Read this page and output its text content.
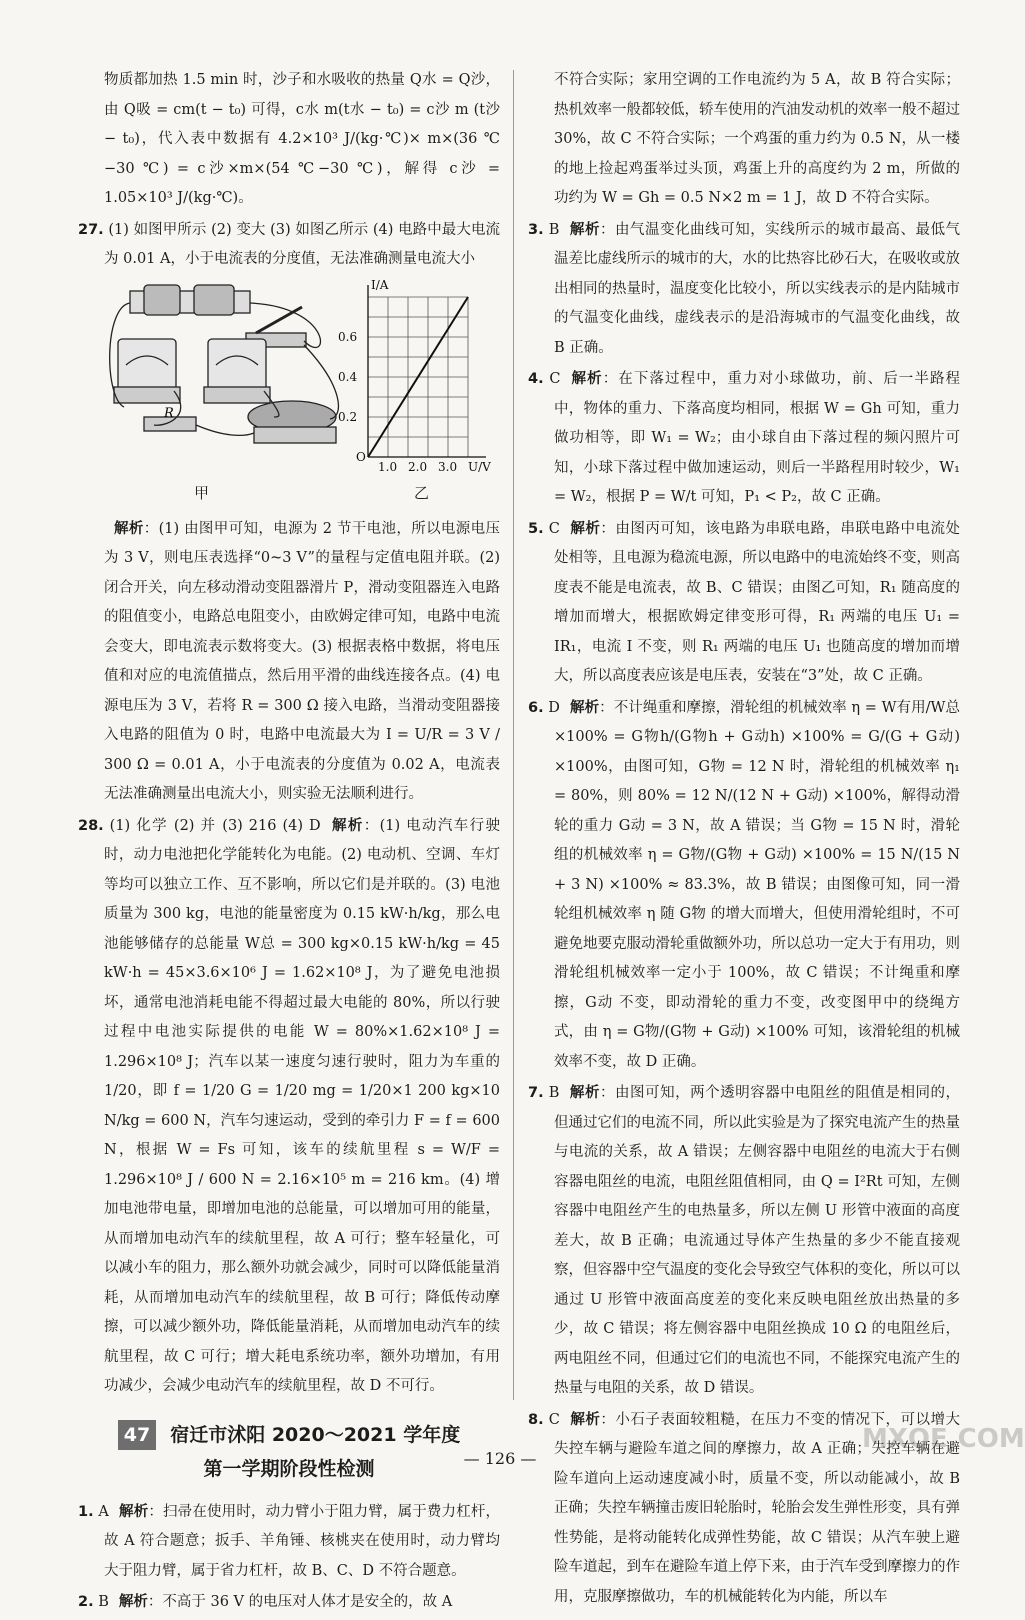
物质都加热 1.5 min 时，沙子和水吸收的热量 Q水 = Q沙，由 Q吸 = cm(t − t₀) 可得，c水 m(t水 − t₀) = c沙 m (t沙 − t₀)，代入表中数据有 4.2×10³ J/(kg·℃)× m×(36 ℃−30 ℃) = c沙×m×(54 ℃−30 ℃)，解得 c沙 = 1.05×10³ J/(kg·℃)。

27. (1) 如图甲所示 (2) 变大 (3) 如图乙所示 (4) 电路中最大电流为 0.01 A，小于电流表的分度值，无法准确测量电流大小

R
甲
I/A
0.6
0.4
0.2
O
1.0 2.0 3.0 U/V
乙

解析：(1) 由图甲可知，电源为 2 节干电池，所以电源电压为 3 V，则电压表选择“0~3 V”的量程与定值电阻并联。(2) 闭合开关，向左移动滑动变阻器滑片 P，滑动变阻器连入电路的阻值变小，电路总电阻变小，由欧姆定律可知，电路中电流会变大，即电流表示数将变大。(3) 根据表格中数据，将电压值和对应的电流值描点，然后用平滑的曲线连接各点。(4) 电源电压为 3 V，若将 R = 300 Ω 接入电路，当滑动变阻器接入电路的阻值为 0 时，电路中电流最大为 I = U/R = 3 V / 300 Ω = 0.01 A，小于电流表的分度值为 0.02 A，电流表无法准确测量出电流大小，则实验无法顺利进行。

28. (1) 化学 (2) 并 (3) 216 (4) D 解析：(1) 电动汽车行驶时，动力电池把化学能转化为电能。(2) 电动机、空调、车灯等均可以独立工作、互不影响，所以它们是并联的。(3) 电池质量为 300 kg，电池的能量密度为 0.15 kW·h/kg，那么电池能够储存的总能量 W总 = 300 kg×0.15 kW·h/kg = 45 kW·h = 45×3.6×10⁶ J = 1.62×10⁸ J，为了避免电池损坏，通常电池消耗电能不得超过最大电能的 80%，所以行驶过程中电池实际提供的电能 W = 80%×1.62×10⁸ J = 1.296×10⁸ J；汽车以某一速度匀速行驶时，阻力为车重的 1/20，即 f = 1/20 G = 1/20 mg = 1/20×1 200 kg×10 N/kg = 600 N，汽车匀速运动，受到的牵引力 F = f = 600 N，根据 W = Fs 可知，该车的续航里程 s = W/F = 1.296×10⁸ J / 600 N = 2.16×10⁵ m = 216 km。(4) 增加电池带电量，即增加电池的总能量，可以增加可用的能量，从而增加电动汽车的续航里程，故 A 可行；整车轻量化，可以减小车的阻力，那么额外功就会减少，同时可以降低能量消耗，从而增加电动汽车的续航里程，故 B 可行；降低传动摩擦，可以减少额外功，降低能量消耗，从而增加电动汽车的续航里程，故 C 可行；增大耗电系统功率，额外功增加，有用功减少，会减少电动汽车的续航里程，故 D 不可行。

47	宿迁市沭阳 2020～2021 学年度
第一学期阶段性检测

1. A 解析：扫帚在使用时，动力臂小于阻力臂，属于费力杠杆，故 A 符合题意；扳手、羊角锤、核桃夹在使用时，动力臂均大于阻力臂，属于省力杠杆，故 B、C、D 不符合题意。

2. B 解析：不高于 36 V 的电压对人体才是安全的，故 A

不符合实际；家用空调的工作电流约为 5 A，故 B 符合实际；热机效率一般都较低，轿车使用的汽油发动机的效率一般不超过 30%，故 C 不符合实际；一个鸡蛋的重力约为 0.5 N，从一楼的地上捡起鸡蛋举过头顶，鸡蛋上升的高度约为 2 m，所做的功约为 W = Gh = 0.5 N×2 m = 1 J，故 D 不符合实际。

3. B 解析：由气温变化曲线可知，实线所示的城市最高、最低气温差比虚线所示的城市的大，水的比热容比砂石大，在吸收或放出相同的热量时，温度变化比较小，所以实线表示的是内陆城市的气温变化曲线，虚线表示的是沿海城市的气温变化曲线，故 B 正确。

4. C 解析：在下落过程中，重力对小球做功，前、后一半路程中，物体的重力、下落高度均相同，根据 W = Gh 可知，重力做功相等，即 W₁ = W₂；由小球自由下落过程的频闪照片可知，小球下落过程中做加速运动，则后一半路程用时较少，W₁ = W₂，根据 P = W/t 可知，P₁ < P₂，故 C 正确。

5. C 解析：由图丙可知，该电路为串联电路，串联电路中电流处处相等，且电源为稳流电源，所以电路中的电流始终不变，则高度表不能是电流表，故 B、C 错误；由图乙可知，R₁ 随高度的增加而增大，根据欧姆定律变形可得，R₁ 两端的电压 U₁ = IR₁，电流 I 不变，则 R₁ 两端的电压 U₁ 也随高度的增加而增大，所以高度表应该是电压表，安装在“3”处，故 C 正确。

6. D 解析：不计绳重和摩擦，滑轮组的机械效率 η = W有用/W总 ×100% = G物h/(G物h + G动h) ×100% = G/(G + G动) ×100%，由图可知，G物 = 12 N 时，滑轮组的机械效率 η₁ = 80%，则 80% = 12 N/(12 N + G动) ×100%，解得动滑轮的重力 G动 = 3 N，故 A 错误；当 G物 = 15 N 时，滑轮组的机械效率 η = G物/(G物 + G动) ×100% = 15 N/(15 N + 3 N) ×100% ≈ 83.3%，故 B 错误；由图像可知，同一滑轮组机械效率 η 随 G物 的增大而增大，但使用滑轮组时，不可避免地要克服动滑轮重做额外功，所以总功一定大于有用功，则滑轮组机械效率一定小于 100%，故 C 错误；不计绳重和摩擦，G动 不变，即动滑轮的重力不变，改变图甲中的绕绳方式，由 η = G物/(G物 + G动) ×100% 可知，该滑轮组的机械效率不变，故 D 正确。

7. B 解析：由图可知，两个透明容器中电阻丝的阻值是相同的，但通过它们的电流不同，所以此实验是为了探究电流产生的热量与电流的关系，故 A 错误；左侧容器中电阻丝的电流大于右侧容器电阻丝的电流，电阻丝阻值相同，由 Q = I²Rt 可知，左侧容器中电阻丝产生的电热量多，所以左侧 U 形管中液面的高度差大，故 B 正确；电流通过导体产生热量的多少不能直接观察，但容器中空气温度的变化会导致空气体积的变化，所以可以通过 U 形管中液面高度差的变化来反映电阻丝放出热量的多少，故 C 错误；将左侧容器中电阻丝换成 10 Ω 的电阻丝后，两电阻丝不同，但通过它们的电流也不同，不能探究电流产生的热量与电阻的关系，故 D 错误。

8. C 解析：小石子表面较粗糙，在压力不变的情况下，可以增大失控车辆与避险车道之间的摩擦力，故 A 正确；失控车辆在避险车道向上运动速度减小时，质量不变，所以动能减小，故 B 正确；失控车辆撞击废旧轮胎时，轮胎会发生弹性形变，具有弹性势能，是将动能转化成弹性势能，故 C 错误；从汽车驶上避险车道起，到车在避险车道上停下来，由于汽车受到摩擦力的作用，克服摩擦做功，车的机械能转化为内能，所以车

— 126 —
MXQE.COM
